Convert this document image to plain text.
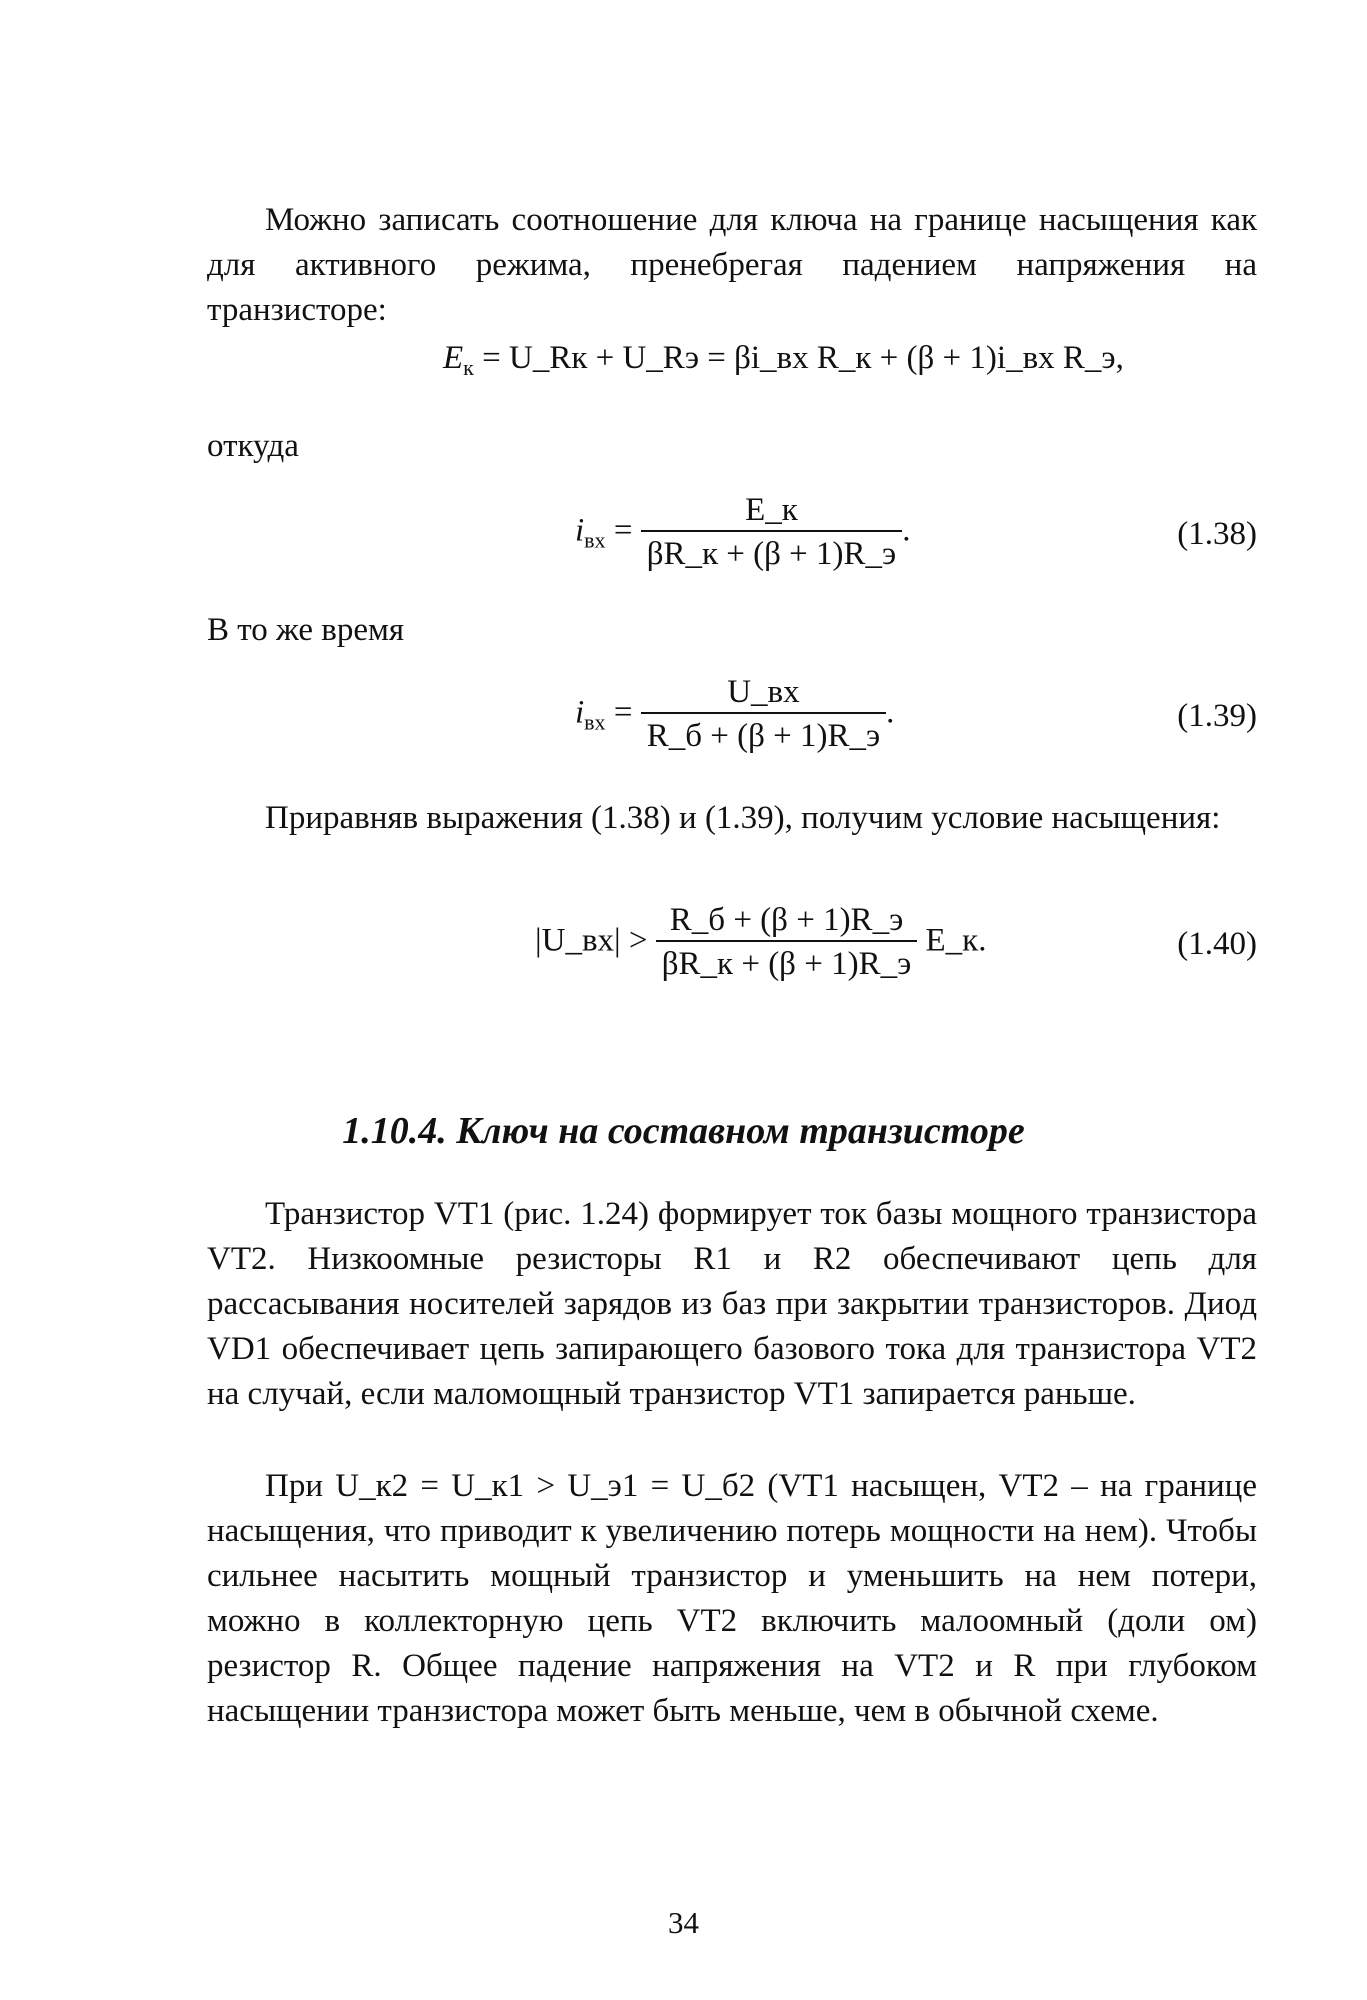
Можно записать соотношение для ключа на границе насыщения как для активного режима, пренебрегая падением напряжения на транзисторе:
$E_к$ = U_Rк + U_Rэ = βi_вх R_к + (β + 1)i_вх R_э,
откуда
$i_{вх} = \frac{E\_к}{\beta R\_к + (\beta + 1)R\_э}$ .	(1.38)
В то же время
$i_{вх} = \frac{U\_вх}{R\_б + (\beta + 1)R\_э}$ .	(1.39)
Приравняв выражения (1.38) и (1.39), получим условие насыщения:
|U_вх| > $\frac{R\_б + (\beta + 1)R\_э}{\beta R\_к + (\beta + 1)R\_э}$ E_к.	(1.40)
1.10.4. Ключ на составном транзисторе
Транзистор VT1 (рис. 1.24) формирует ток базы мощного транзистора VT2. Низкоомные резисторы R1 и R2 обеспечивают цепь для рассасывания носителей зарядов из баз при закрытии транзисторов. Диод VD1 обеспечивает цепь запирающего базового тока для транзистора VT2 на случай, если маломощный транзистор VT1 запирается раньше.
При U_к2 = U_к1 > U_э1 = U_б2 (VT1 насыщен, VT2 – на границе насыщения, что приводит к увеличению потерь мощности на нем). Чтобы сильнее насытить мощный транзистор и уменьшить на нем потери, можно в коллекторную цепь VT2 включить малоомный (доли ом) резистор R. Общее падение напряжения на VT2 и R при глубоком насыщении транзистора может быть меньше, чем в обычной схеме.
34
